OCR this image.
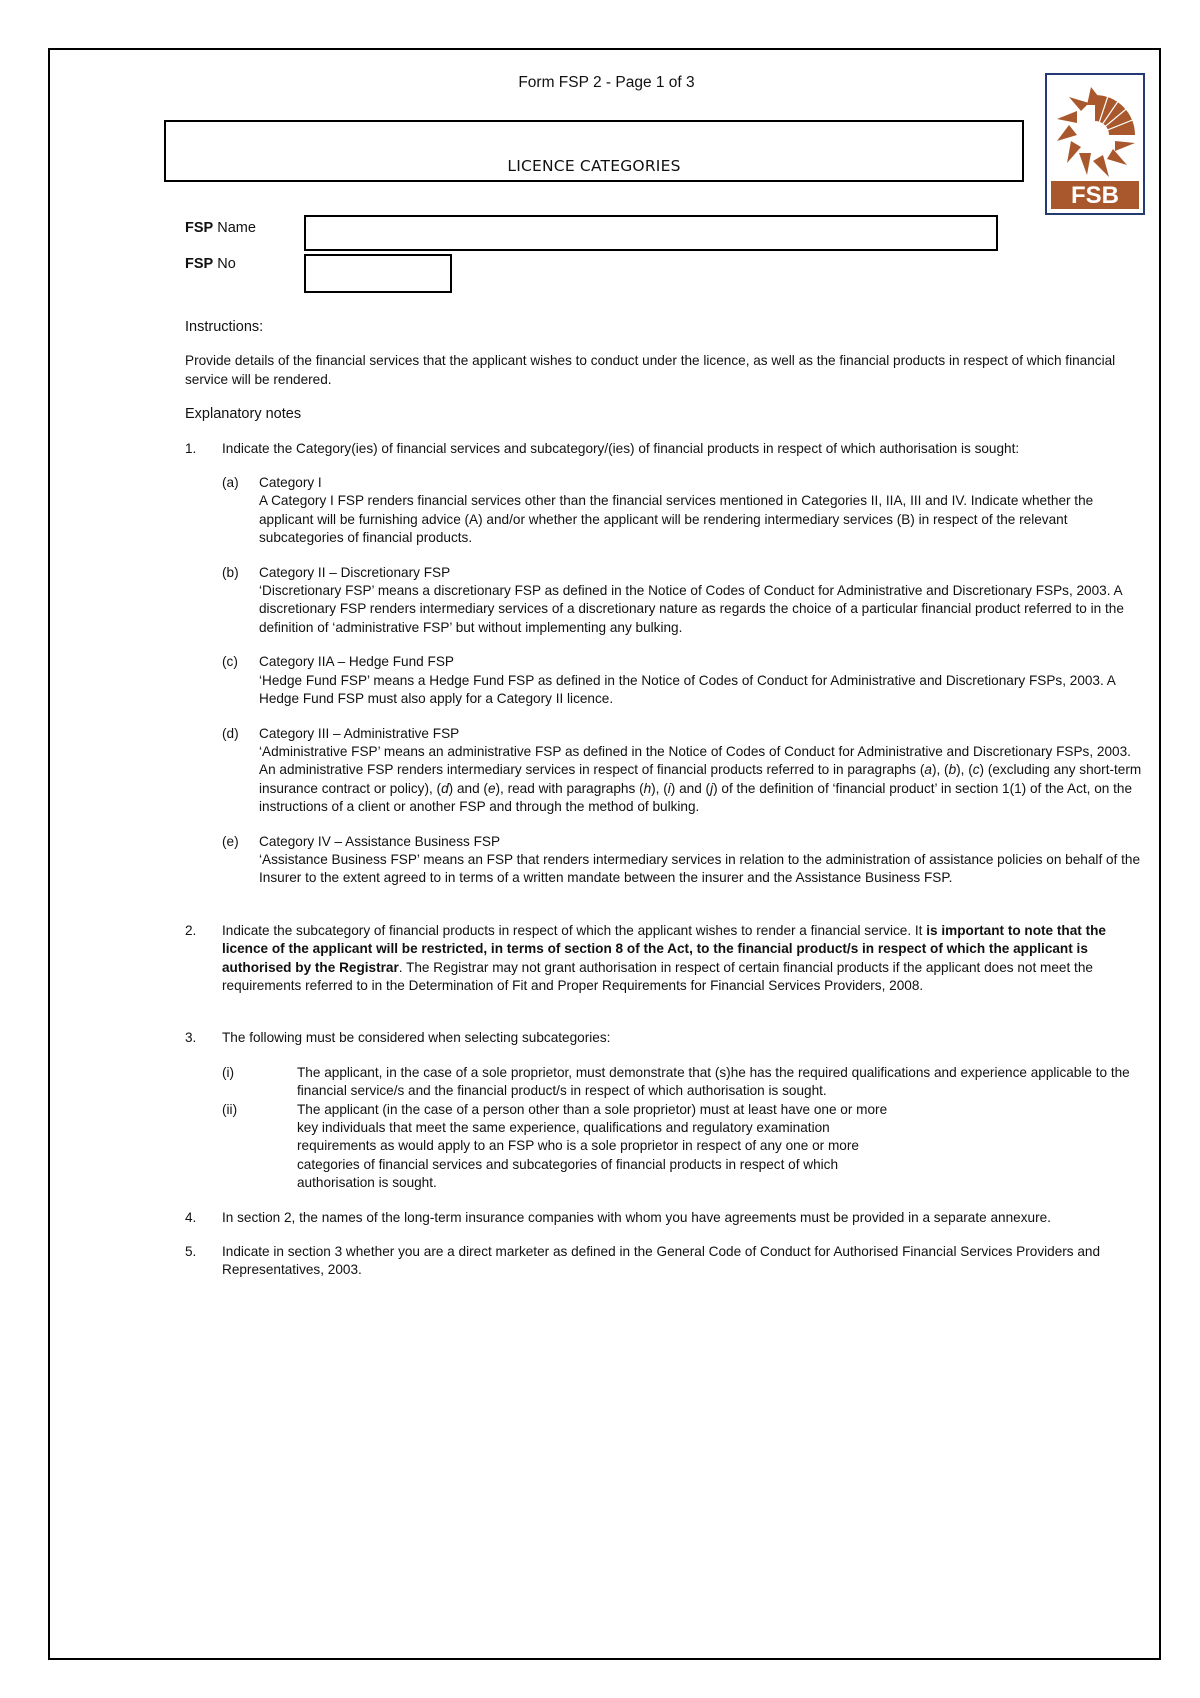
Form FSP 2 - Page 1 of 3
FSB
LICENCE CATEGORIES
FSP Name
FSP No

Instructions:

Provide details of the financial services that the applicant wishes to conduct under the licence, as well as the financial products in respect of which financial service will be rendered.

Explanatory notes

1. Indicate the Category(ies) of financial services and subcategory/(ies) of financial products in respect of which authorisation is sought:

(a) Category I

A Category I FSP renders financial services other than the financial services mentioned in Categories II, IIA, III and IV. Indicate whether the applicant will be furnishing advice (A) and/or whether the applicant will be rendering intermediary services (B) in respect of the relevant subcategories of financial products.

(b) Category II – Discretionary FSP

‘Discretionary FSP’ means a discretionary FSP as defined in the Notice of Codes of Conduct for Administrative and Discretionary FSPs, 2003. A discretionary FSP renders intermediary services of a discretionary nature as regards the choice of a particular financial product referred to in the definition of ‘administrative FSP’ but without implementing any bulking.

(c) Category IIA – Hedge Fund FSP

‘Hedge Fund FSP’ means a Hedge Fund FSP as defined in the Notice of Codes of Conduct for Administrative and Discretionary FSPs, 2003. A Hedge Fund FSP must also apply for a Category II licence.

(d) Category III – Administrative FSP

‘Administrative FSP’ means an administrative FSP as defined in the Notice of Codes of Conduct for Administrative and Discretionary FSPs, 2003. An administrative FSP renders intermediary services in respect of financial products referred to in paragraphs (a), (b), (c) (excluding any short-term insurance contract or policy), (d) and (e), read with paragraphs (h), (i) and (j) of the definition of ‘financial product’ in section 1(1) of the Act, on the instructions of a client or another FSP and through the method of bulking.

(e) Category IV – Assistance Business FSP

‘Assistance Business FSP’ means an FSP that renders intermediary services in relation to the administration of assistance policies on behalf of the Insurer to the extent agreed to in terms of a written mandate between the insurer and the Assistance Business FSP.

2. Indicate the subcategory of financial products in respect of which the applicant wishes to render a financial service. It is important to note that the licence of the applicant will be restricted, in terms of section 8 of the Act, to the financial product/s in respect of which the applicant is authorised by the Registrar. The Registrar may not grant authorisation in respect of certain financial products if the applicant does not meet the requirements referred to in the Determination of Fit and Proper Requirements for Financial Services Providers, 2008.

3. The following must be considered when selecting subcategories:

(i)	The applicant, in the case of a sole proprietor, must demonstrate that (s)he has the required qualifications and experience applicable to the financial service/s and the financial product/s in respect of which authorisation is sought.

(ii)	The applicant (in the case of a person other than a sole proprietor) must at least have one or more

key individuals that meet the same experience, qualifications and regulatory examination

requirements as would apply to an FSP who is a sole proprietor in respect of any one or more

categories of financial services and subcategories of financial products in respect of which

authorisation is sought.

4. In section 2, the names of the long-term insurance companies with whom you have agreements must be provided in a separate annexure.

5. Indicate in section 3 whether you are a direct marketer as defined in the General Code of Conduct for Authorised Financial Services Providers and Representatives, 2003.
